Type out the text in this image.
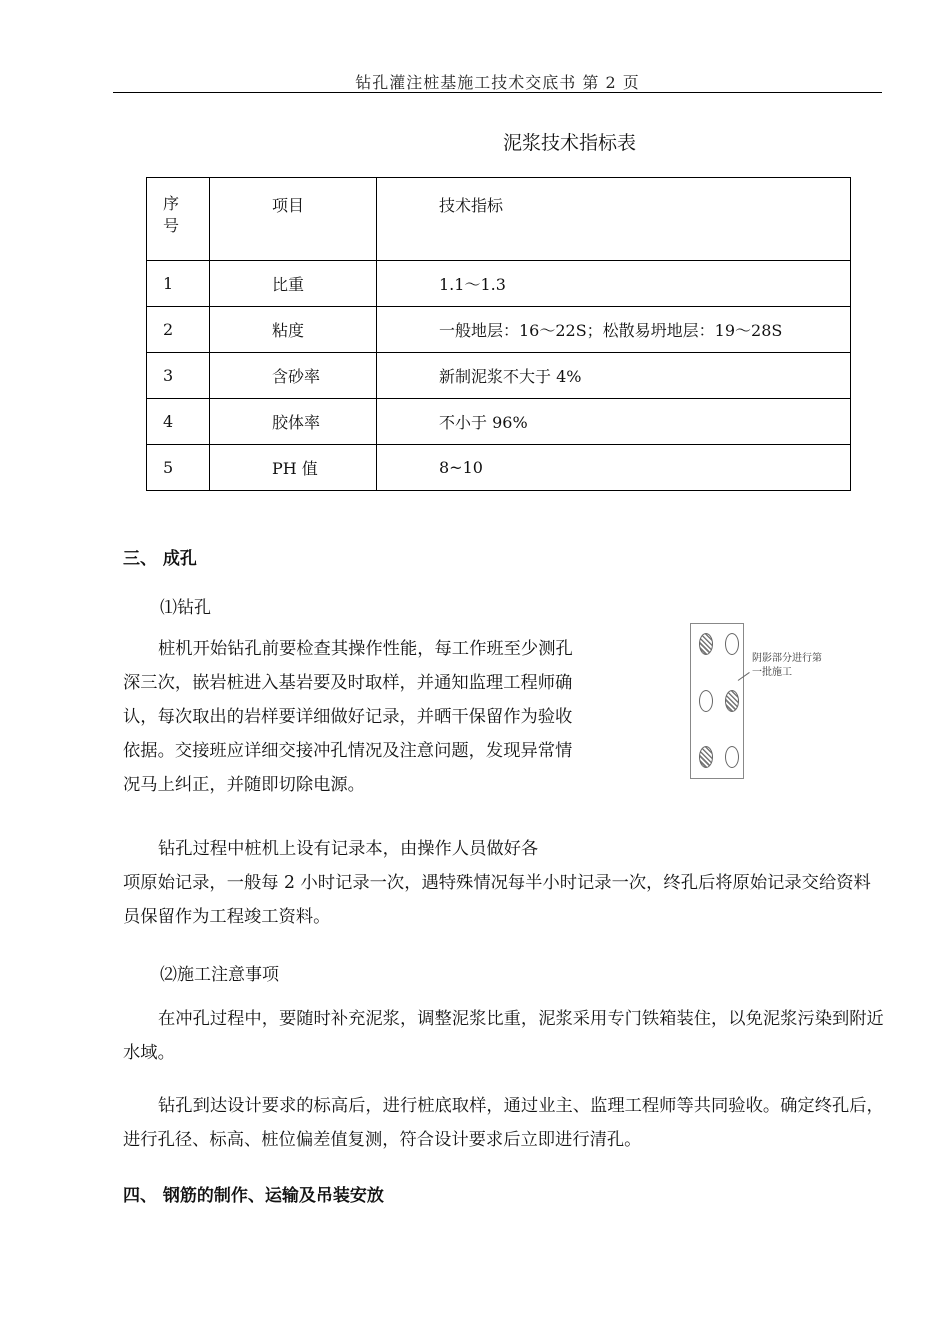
钻孔灌注桩基施工技术交底书 第 2 页
泥浆技术指标表
序号	项目	技术指标
1	比重	1.1～1.3
2	粘度	一般地层：16～22S；松散易坍地层：19～28S
3	含砂率	新制泥浆不大于 4%
4	胶体率	不小于 96%
5	PH 值	8~10
三、 成孔
⑴钻孔
桩机开始钻孔前要检查其操作性能，每工作班至少测孔深三次，嵌岩桩进入基岩要及时取样，并通知监理工程师确认，每次取出的岩样要详细做好记录，并晒干保留作为验收依据。交接班应详细交接冲孔情况及注意问题，发现异常情况马上纠正，并随即切除电源。
阴影部分进行第一批施工
钻孔过程中桩机上设有记录本，由操作人员做好各
项原始记录，一般每 2 小时记录一次，遇特殊情况每半小时记录一次，终孔后将原始记录交给资料员保留作为工程竣工资料。
⑵施工注意事项
在冲孔过程中，要随时补充泥浆，调整泥浆比重，泥浆采用专门铁箱装住，以免泥浆污染到附近水域。
钻孔到达设计要求的标高后，进行桩底取样，通过业主、监理工程师等共同验收。确定终孔后，进行孔径、标高、桩位偏差值复测，符合设计要求后立即进行清孔。
四、 钢筋的制作、运输及吊装安放
